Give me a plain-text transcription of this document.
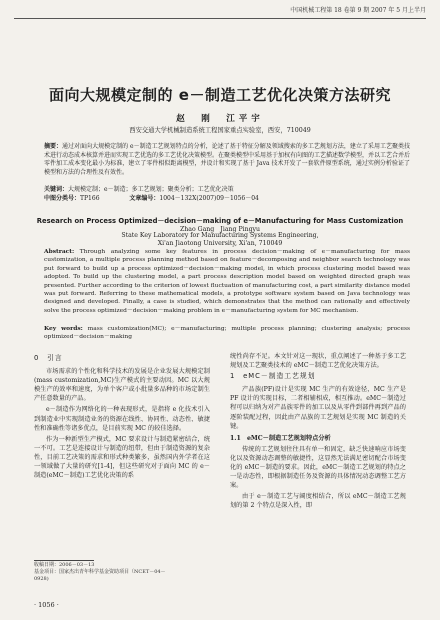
中国机械工程第 18 卷第 9 期 2007 年 5 月上半月
面向大规模定制的 e－制造工艺优化决策方法研究
赵　刚　江平宇
西安交通大学机械制造系统工程国家重点实验室，西安，710049
摘要：通过对面向大规模定制的 e－制造工艺规划特点的分析，论述了基于特征分解及领域搜索的多工艺规划方法，建立了采用工艺聚类技术进行动态成本核算并进而实现工艺优选的多工艺优化决策模型。在聚类模型中采用基于加权有向图的工艺描述数学模型，并以工艺合并后零件加工成本变化最小为标准，建立了零件相似距离模型，并设计和实现了基于 Java 技术开发了一套软件原型系统，通过实例分析验证了模型和方法的合理性及有效性。
关键词：大规模定制；e－制造；多工艺规划；聚类分析；工艺优化决策
中图分类号：TP166	文章编号：1004－132X(2007)09－1056－04
Research on Process Optimized－decision－making of e－Manufacturing for Mass Customization
Zhao Gang　Jiang Pingyu
State Key Laboratory for Manufacturing Systems Engineering,
Xi'an Jiaotong University, Xi'an, 710049
Abstract: Through analyzing some key features in process decision－making of e－manufacturing for mass customization, a multiple process planning method based on feature－decomposing and neighbor search technology was put forward to build up a process optimized－decision－making model, in which process clustering model based was adopted. To build up the clustering model, a part process description model based on weighted directed graph was presented. Further according to the criterion of lowest fluctuation of manufacturing cost, a part similarity distance model was put forward. Referring to these mathematical models, a prototype software system based on Java technology was designed and developed. Finally, a case is studied, which demonstrates that the method can rationally and effectively solve the process optimized－decision－making problem in e－manufacturing system for MC mechanism.
Key words: mass customization(MC); e－manufacturing; multiple process planning; clustering analysis; process optimized－decision－making
0　引言

市场需求的个性化和科学技术的发展是企业发展大规模定制(mass customization,MC)生产模式的主要动因。MC 以大规模生产的效率和速度，为单个客户或小批量多品种的市场定制生产任意数量的产品。

e－制造作为网络化的一种表现形式，是指将 e 化技术引入到制造业中实现制造业务的资源在线性、协同性、动态性、敏捷性和准确性等诸多优点，是目前实现 MC 的较佳选择。

作为一种新型生产模式，MC 要求设计与制造紧密结合，统一不可。工艺是连接设计与制造的纽带，但由于制造资源的复杂性，目前工艺决策的需求和形式种类繁多，虽然国内外学者在这一领域做了大量的研究[1-4]，但这些研究对于面向 MC 的 e－制造(eMC－制造)工艺优化决策的系

统性尚存不足。本文针对这一现状，重点阐述了一种基于多工艺规划及工艺聚类技术的 eMC－制造工艺优化决策方法。

1　eMC－制造工艺规划

产品族(PF)设计是实现 MC 生产的有效途径，MC 生产是 PF 设计的实现目标，二者相辅相成，相互推动。eMC－制造过程可以归纳为对产品族零件的加工以及从零件到部件再到产品的逐阶装配过程，因此由产品族的工艺规划是实现 MC 制造的关键。

1.1　eMC－制造工艺规划特点分析

传统的工艺规划往往具有单一和固定，缺乏快速响应市场变化以及资源动态调整的敏捷性，这显然无法满足密切配合市场变化的 eMC－制造的要求。因此，eMC－制造工艺规划的特点之一是动态性，即根据制造任务及资源的具体情况动态调整工艺方案。

由于 e－制造工艺与阔度相结合，所以 eMC－制造工艺规划的第 2 个特点是深入性，即

收稿日期：2006－03－13
基金项目：国家杰出青年科学基金资助项目（NCET－04－
0928)
· 1056 ·
